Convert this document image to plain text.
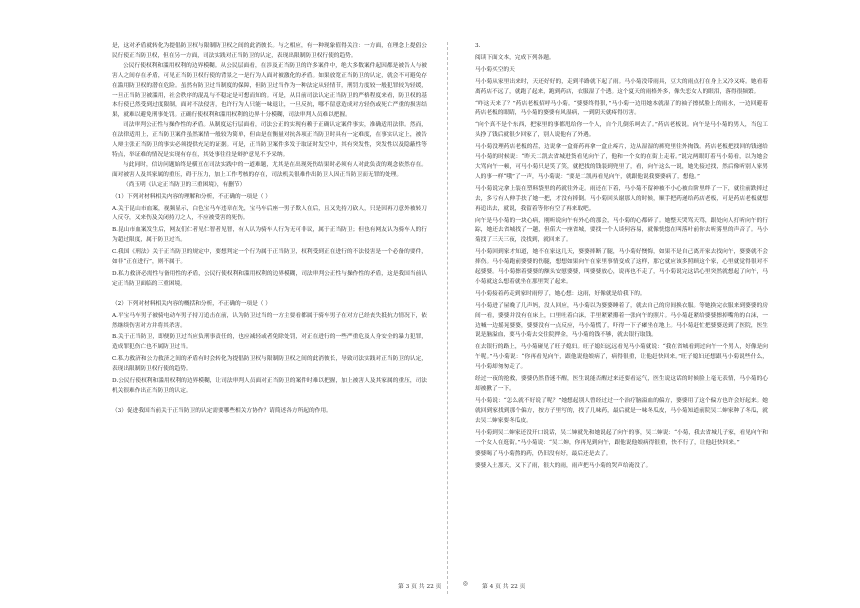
是，这对矛盾就转化为提倡防卫权与限制防卫权之间的此消彼长。与之相应，有一种现象值得关注：一方面，在理念上提倡公民行使正当防卫权，但在另一方面，司法实践对正当防卫的认定，表现出限制防卫权行使的趋势。

公民行使权利和滥用权利的边界模糊。从公民层面看，在涉及正当防卫的许多案件中，绝大多数案件起因都是被告人与被害人之间存在矛盾，可见正当防卫权行使的背景之一是行为人面对被激化的矛盾。如果放宽正当防卫的认定，就会不可避免存在滥用防卫权的潜在危险。虽然有防卫过当制度的保障，但防卫过当作为一种法定从轻情节，刑罚力度较一般犯罪较为轻缓，一旦正当防卫被滥用，社会秩序的混乱与不稳定是可想而知的。可是，从目前司法认定正当防卫的严格程度来看，防卫权的基本行使已然受到过度限制，面对不法侵害，也许行为人只能一味退让，一旦反抗，哪不留意造成对方轻伤或死亡严重的损害结果，就难以避免刑事处罚。正确行使权利和滥用权利的边界十分模糊，司法审判人员难以把握。

司法审判公正性与操作性的矛盾。从制度运行层面看，司法公正的实现有赖于正确认定案件事实，准确适用法律。然而，在法律适用上，正当防卫案件虽然案情一般较为简单，但由是在衡量对抗各项正当防卫时具有一定难度，在事实认定上，被告人辩主张正当防卫的事实必须提供充足的证据。可是，正当防卫案件多发于取证时发空中，其有突发性，突发性以及隐蔽性等特点，举证难的情况是实现有存在，其处事往往是辩护意见不予采纳。

与此同时，信访问题始终是横亘在司法实践中的一道难题，尤其是在出现死伤结果时必须有人对此负责的观念依然存在。面对被害人及其家属的重压，碍于压力，加上工作考核的存在，司法机关很难作出防卫人因正当防卫而无罪的处理。

（尚玉明《认定正当防卫的三重困境》，有删节）

（1）下列对材料相关内容的理解和分析，不正确的一项是（ ）

A.关于昆山市血案，视频显示，白色宝马车违章在先，宝马车后座一男子欺人在后，且又先持刀砍人，只是因再刀意外被转刀人反夺，又来伤及关闭持刀之人，不应被受害的死伤。

B.昆山市血案发生后，网友们仁者见仁智者见智，有人认为骑车人行为无可非议，属于正当防卫；但也有网友认为骑车人的行为超过限度，属于防卫过当。

C.我国《刑法》关于正当防卫的规定中，要想判定一个行为属于正当防卫，权利受到正在进行的不法侵害是一个必备的要件，如非“正在进行”，则不属于。

D.私力救济必需性与备用性的矛盾，公民行使权利和滥用权利的边界模糊，司法审判公正性与操作性的矛盾，这是我国当前认定正当防卫面临的三重困境。

（2）下列对材料相关内容的概括和分析，不正确的一项是（ ）

A.平宝马车男子被骑电动车男子持刀追击在前，认为防卫过当的一方主要看都属于骑车男子在对方已经丧失抵抗力情况下，依然继续伤害对方并将其杀害。

B.关于正当防卫，即便防卫过当应负刑事责任的，也应减轻或者免除处罚，对正在进行的一些严重危及人身安全的暴力犯罪，造成罪犯伤亡也不属防卫过当。

C.私力救济和公力救济之间的矛盾有时会转化为提倡防卫权与限制防卫权之间的此消彼长，导致司法实践对正当防卫的认定，表现出限制防卫权行使的趋势。

D.公民行使权利和滥用权利的边界模糊，让司法审判人员面对正当防卫的案件时难以把握，加上被害人及其家属的重压，司法机关很难作出正当防卫的认定。

（3）促进我国当前关于正当防卫的认定需要哪些相关方协作？请简述各方所起的作用。

3.

阅读下面文本，完成下列各题。

马小菊买空的天

马小菊从家里出来时，天还好好的，走到半路就下起了雨。马小菊没带雨具，豆大的雨点打在身上又冷又疼。她看着离药店不远了，就跑了起来，跑到药店，衣服湿了个透。这个夏天的雨格外多，像失恋女人的眼泪，落得很频繁。

“咋这天来了？”药店老板招呼马小菊。“婆婆终得狠，”马小菊一边用她本就湿了的袖子擦拭脸上的雨水，一边回避着药店老板的眼睛，马小菊的婆婆有风湿病，一到阴天就疼得厉害。

“向个真不是个东西，把家里的事都甩给你一个人，自个儿倒乐呵去了。”药店老板说。向午是马小菊的男人，当包工头挣了钱后就很少回家了，别人说他有了外遇。

马小菊没理药店老板的茬，边说拿一盒膏药再拿一盒止疼片，边从湿湿的裤兜里往外掏钱。药店老板把找回的钱递给马小菊的时候说：“昨天二凯去省城进货看见向午了，他和一个女的在街上走着。”说完两眼盯着马小菊看，以为她会大骂向午一顿，可马小菊只是笑了笑，就把找的钱装到兜里了，看，向午这么一说，她先接过找，然后像听别人家男人的事一样“哦”了一声，马小菊说：“要是二凯再看见向午，就跟他说我婆婆病了，想他。”

马小菊说完拿上装在塑料袋里的药就往外走。雨还在下着，马小菊不留神被不小心被台阶里绊了一下，就往前跌摔过去，多亏有人伸手扶了她一把，才没有摔倒。马小菊回头谢那人的时候，顺手把药递给药店老板，可是药店老板就想再追出去，就说，我留着等你有空了再来取吧。

向午是马小菊的一块心病，刚听说向午有外心的那会，马小菊的心都碎了。她整天哭骂天骂，跟处向人打听向午的行踪，她还去省城找了一趟，但偌大一座省城，要找一个人谈何容易，就像恍惚在叫落叶前你去听雾里的声音了。马小菊找了三天三夜，没找到，就回来了。

马小菊回到家才知道，她不在家这几天，婆婆摔断了腿，马小菊好懊悔，如果不是自己离开家去找向午，婆婆就不会摔伤。马小菊跑前婆婆的伤腿，想想如果向午在家里事情变成了这样，那它就应该多照顾这个家，心里就觉得很对不起婆婆。马小菊擦着婆婆的额头安慰婆婆，叫婆婆放心，说再也不走了，马小菊说完这话心里突然就想起了向午，马小菊就这么想着就坐在那里哭了起来。

马小菊接着药走到家时雨停了，她心想：这雨，好像就是给我下的。

马小菊进了屋晚了几声妈，没人回应，马小菊以为婆婆睡着了，就去自己的房间换衣服。等她换完衣服来到婆婆的房间一看，婆婆并没有在床上，口里吐着白沫，手里紧紧攥着一张向午的照片。马小菊赶紧给婆婆擦掉嘴角的白沫，一边喊一边摇晃婆婆，婆婆没有一点反应，马小菊慌了，吓得一下子瘫坐在地上。马小菊赶忙把婆婆送到了医院，医生说是脑溢血，要马小菊去交住院押金，马小菊的钱不够，就去银行取钱。

在去银行的路上，马小菊碰见了旺子媳妇。旺子媳妇远远看见马小菊就说：“我在省城看到过向午一个男人，好像是向午呢。”马小菊说：“你再看见向午，跟他说他娘病了，病得很重，让他赶快回来。”旺子媳妇还想跟马小菊说些什么，马小菊却匆匆走了。

经过一夜的抢救，婆婆仍然昏迷不醒，医生说能否醒过来还要看运气，医生说这话的时候脸上毫无表情，马小菊的心却被揪了一下。

马小菊说：“怎么就不好说了呢？”她想起别人曾经过过一个治疗脑溢血的偏方，婆婆用了这个偏方也许会好起来。她就回到家找到那个偏方，按方子里写的，找了几味药，最后就是一味冬瓜皮，马小菊知道前院吴二婶家种了冬瓜，就去吴二婶家要冬瓜皮。

马小菊到吴二婶家还没开口说话，吴二婶就先和她说起了向午的事，吴二婶说：“小菊，我去省城儿子家，看见向午和一个女人在逛街。”马小菊说：“吴二婶，你再见到向午，跟他说他娘病得很重，快不行了，让他赶快回来。”

婆婆喝了马小菊熬的药，仍旧没有好，最后还是去了。

婆婆入土那天，又下了雨，很大的雨，雨声把马小菊的哭声给淹没了。

第 3 页 共 22 页	◎ 第 4 页 共 22 页
